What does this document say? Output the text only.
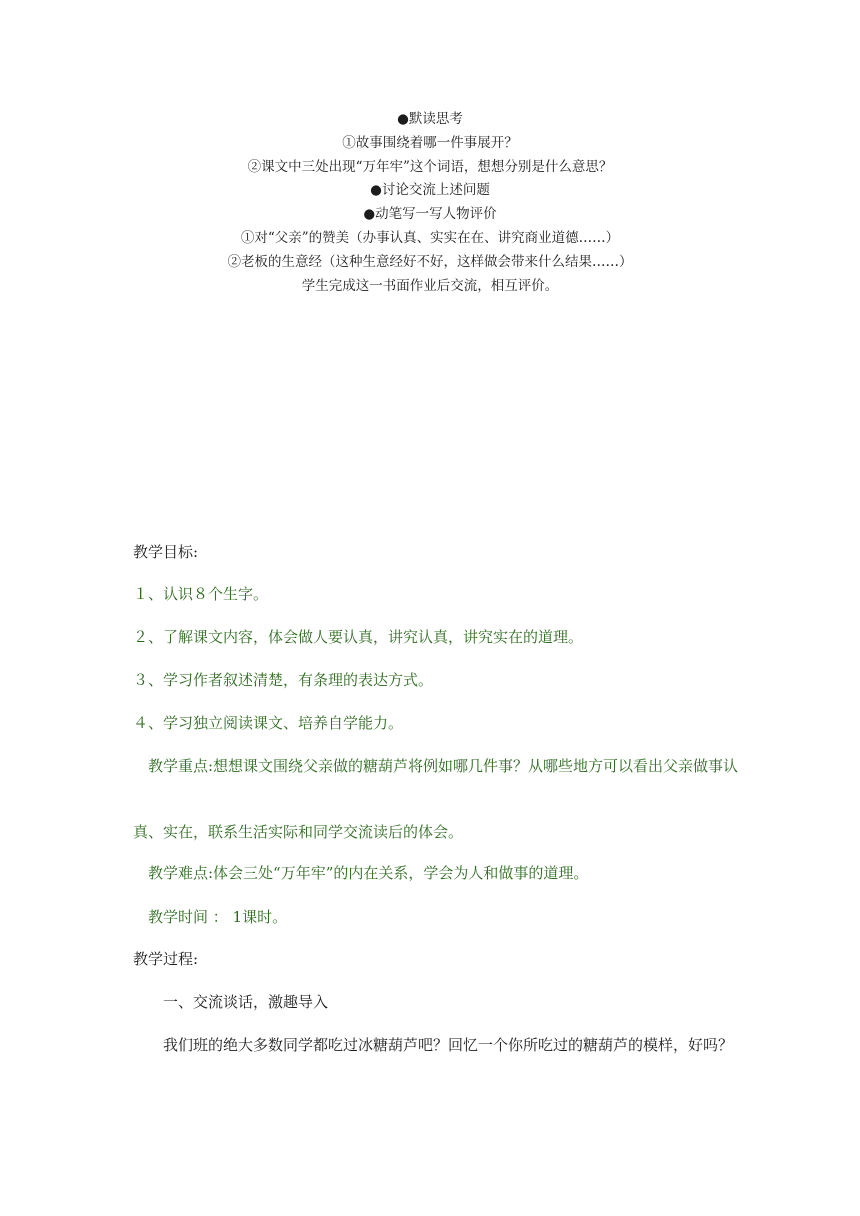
●默读思考
①故事围绕着哪一件事展开？
②课文中三处出现“万年牢”这个词语，想想分别是什么意思？
●讨论交流上述问题
●动笔写一写人物评价
①对“父亲”的赞美（办事认真、实实在在、讲究商业道德……）
②老板的生意经（这种生意经好不好，这样做会带来什么结果……）
学生完成这一书面作业后交流，相互评价。
教学目标:
１、认识８个生字。
２、了解课文内容，体会做人要认真，讲究认真，讲究实在的道理。
３、学习作者叙述清楚，有条理的表达方式。
４、学习独立阅读课文、培养自学能力。
教学重点:想想课文围绕父亲做的糖葫芦将例如哪几件事？从哪些地方可以看出父亲做事认
真、实在，联系生活实际和同学交流读后的体会。
教学难点:体会三处“万年牢”的内在关系，学会为人和做事的道理。
教学时间 ： 1课时。
教学过程:
一、交流谈话，激趣导入
我们班的绝大多数同学都吃过冰糖葫芦吧？回忆一个你所吃过的糖葫芦的模样，好吗？
